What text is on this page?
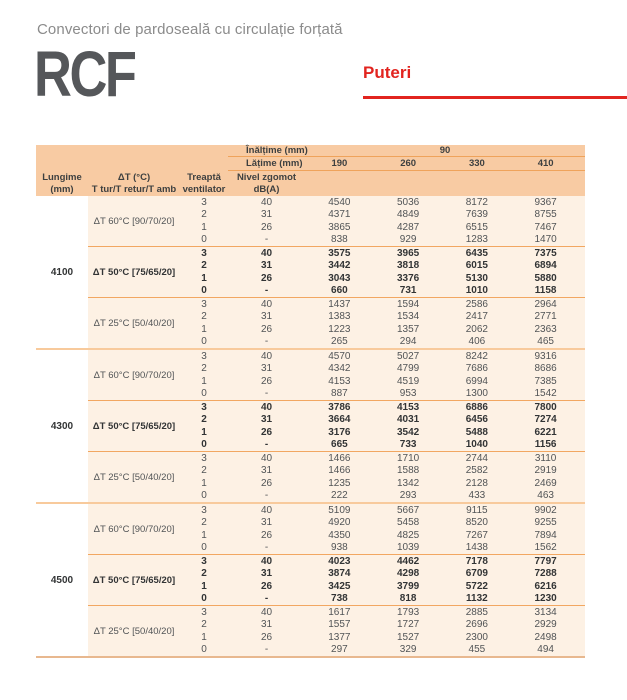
Convectori de pardoseală cu circulație forțată
RCF	Puteri
Înălțime (mm)	90
Lățime (mm)	190	260	330	410
Lungime
(mm)
ΔT (°C)
T tur/T retur/T amb
Treaptă
ventilator
Nivel zgomot
dB(A)
4100
ΔT 60°C [90/70/20]
3	40	4540	5036	8172	9367
2	31	4371	4849	7639	8755
1	26	3865	4287	6515	7467
0	-	838	929	1283	1470
ΔT 50°C [75/65/20]
3	40	3575	3965	6435	7375
2	31	3442	3818	6015	6894
1	26	3043	3376	5130	5880
0	-	660	731	1010	1158
ΔT 25°C [50/40/20]
3	40	1437	1594	2586	2964
2	31	1383	1534	2417	2771
1	26	1223	1357	2062	2363
0	-	265	294	406	465
4300
ΔT 60°C [90/70/20]
3	40	4570	5027	8242	9316
2	31	4342	4799	7686	8686
1	26	4153	4519	6994	7385
0	-	887	953	1300	1542
ΔT 50°C [75/65/20]
3	40	3786	4153	6886	7800
2	31	3664	4031	6456	7274
1	26	3176	3542	5488	6221
0	-	665	733	1040	1156
ΔT 25°C [50/40/20]
3	40	1466	1710	2744	3110
2	31	1466	1588	2582	2919
1	26	1235	1342	2128	2469
0	-	222	293	433	463
4500
ΔT 60°C [90/70/20]
3	40	5109	5667	9115	9902
2	31	4920	5458	8520	9255
1	26	4350	4825	7267	7894
0	-	938	1039	1438	1562
ΔT 50°C [75/65/20]
3	40	4023	4462	7178	7797
2	31	3874	4298	6709	7288
1	26	3425	3799	5722	6216
0	-	738	818	1132	1230
ΔT 25°C [50/40/20]
3	40	1617	1793	2885	3134
2	31	1557	1727	2696	2929
1	26	1377	1527	2300	2498
0	-	297	329	455	494
